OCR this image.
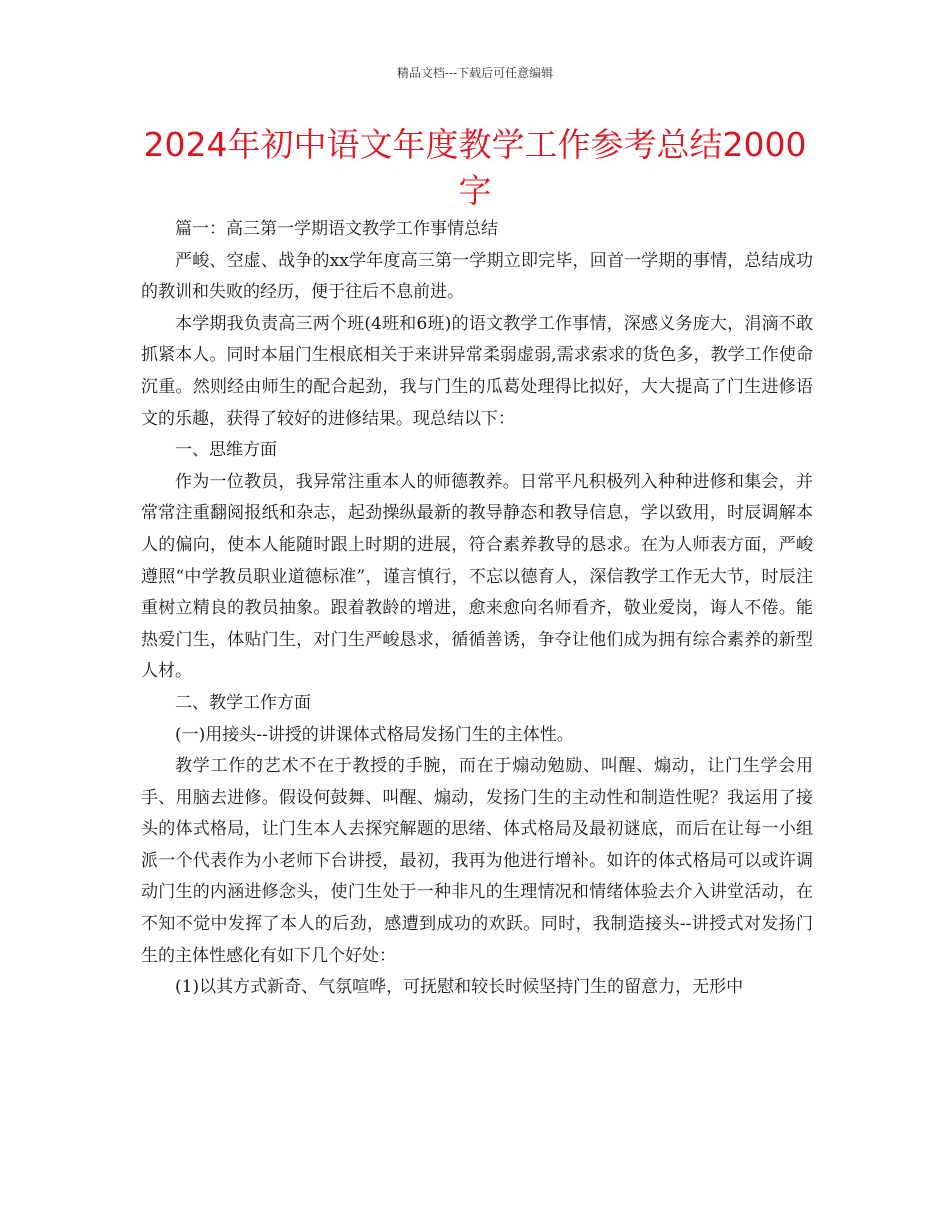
精品文档---下载后可任意编辑
2024年初中语文年度教学工作参考总结2000字

篇一：高三第一学期语文教学工作事情总结

严峻、空虚、战争的xx学年度高三第一学期立即完毕，回首一学期的事情，总结成功的教训和失败的经历，便于往后不息前进。

本学期我负责高三两个班(4班和6班)的语文教学工作事情，深感义务庞大，涓滴不敢抓紧本人。同时本届门生根底相关于来讲异常柔弱虚弱,需求索求的货色多，教学工作使命沉重。然则经由师生的配合起劲，我与门生的瓜葛处理得比拟好，大大提高了门生进修语文的乐趣，获得了较好的进修结果。现总结以下：

一、思维方面

作为一位教员，我异常注重本人的师德教养。日常平凡积极列入种种进修和集会，并常常注重翻阅报纸和杂志，起劲操纵最新的教导静态和教导信息，学以致用，时辰调解本人的偏向，使本人能随时跟上时期的进展，符合素养教导的恳求。在为人师表方面，严峻遵照“中学教员职业道德标准”，谨言慎行，不忘以德育人，深信教学工作无大节，时辰注重树立精良的教员抽象。跟着教龄的增进，愈来愈向名师看齐，敬业爱岗，诲人不倦。能热爱门生，体贴门生，对门生严峻恳求，循循善诱，争夺让他们成为拥有综合素养的新型人材。

二、教学工作方面

(一)用接头--讲授的讲课体式格局发扬门生的主体性。

教学工作的艺术不在于教授的手腕，而在于煽动勉励、叫醒、煽动，让门生学会用手、用脑去进修。假设何鼓舞、叫醒、煽动，发扬门生的主动性和制造性呢？我运用了接头的体式格局，让门生本人去探究解题的思绪、体式格局及最初谜底，而后在让每一小组派一个代表作为小老师下台讲授，最初，我再为他进行增补。如许的体式格局可以或许调动门生的内涵进修念头，使门生处于一种非凡的生理情况和情绪体验去介入讲堂活动，在不知不觉中发挥了本人的后劲，感遭到成功的欢跃。同时，我制造接头--讲授式对发扬门生的主体性感化有如下几个好处：

(1)以其方式新奇、气氛喧哗，可抚慰和较长时候坚持门生的留意力，无形中
